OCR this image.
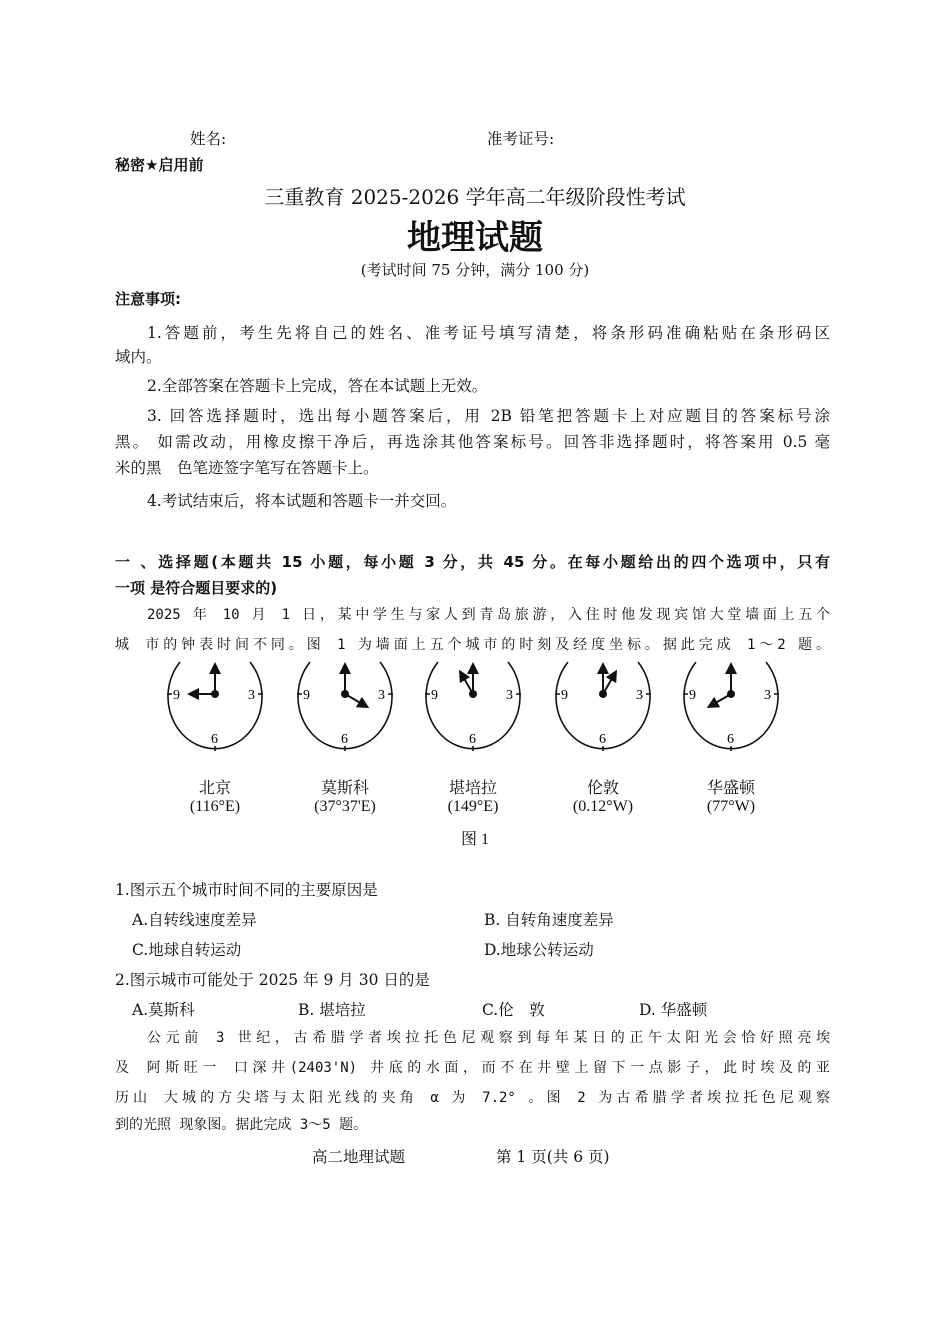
姓名:	准考证号:
秘密★启用前
三重教育 2025-2026 学年高二年级阶段性考试
地理试题
(考试时间 75 分钟，满分 100 分)
注意事项:
1.答题前，考生先将自己的姓名、准考证号填写清楚，将条形码准确粘贴在条形码区
域内。
2.全部答案在答题卡上完成，答在本试题上无效。
3. 回答选择题时，选出每小题答案后，用 2B 铅笔把答题卡上对应题目的答案标号涂
黑。 如需改动，用橡皮擦干净后，再选涂其他答案标号。回答非选择题时，将答案用 0.5 毫
米的黑　色笔迹签字笔写在答题卡上。
4.考试结束后，将本试题和答题卡一并交回。
一 、选择题(本题共 15 小题，每小题 3 分，共 45 分。在每小题给出的四个选项中，只有
一项 是符合题目要求的)
2025 年 10 月 1 日，某中学生与家人到青岛旅游，入住时他发现宾馆大堂墙面上五个
城 市的钟表时间不同。图 1 为墙面上五个城市的时刻及经度坐标。据此完成 1～2 题。
9	3
6
北京
(116°E)
9	3
6
莫斯科
(37°37'E)
9	3
6
堪培拉
(149°E)
9	3
6
伦敦
(0.12°W)
9	3
6
华盛顿
(77°W)
图 1
1.图示五个城市时间不同的主要原因是
A.自转线速度差异	B. 自转角速度差异
C.地球自转运动	D.地球公转运动
2.图示城市可能处于 2025 年 9 月 30 日的是
A.莫斯科	B. 堪培拉	C.伦　敦	D. 华盛顿
公元前 3 世纪，古希腊学者埃拉托色尼观察到每年某日的正午太阳光会恰好照亮埃
及 阿斯旺一 口深井(2403'N) 井底的水面，而不在井壁上留下一点影子，此时埃及的亚
历山 大城的方尖塔与太阳光线的夹角 α 为 7.2° 。图 2 为古希腊学者埃拉托色尼观察
到的光照 现象图。据此完成 3～5 题。
高二地理试题	第 1 页(共 6 页)
